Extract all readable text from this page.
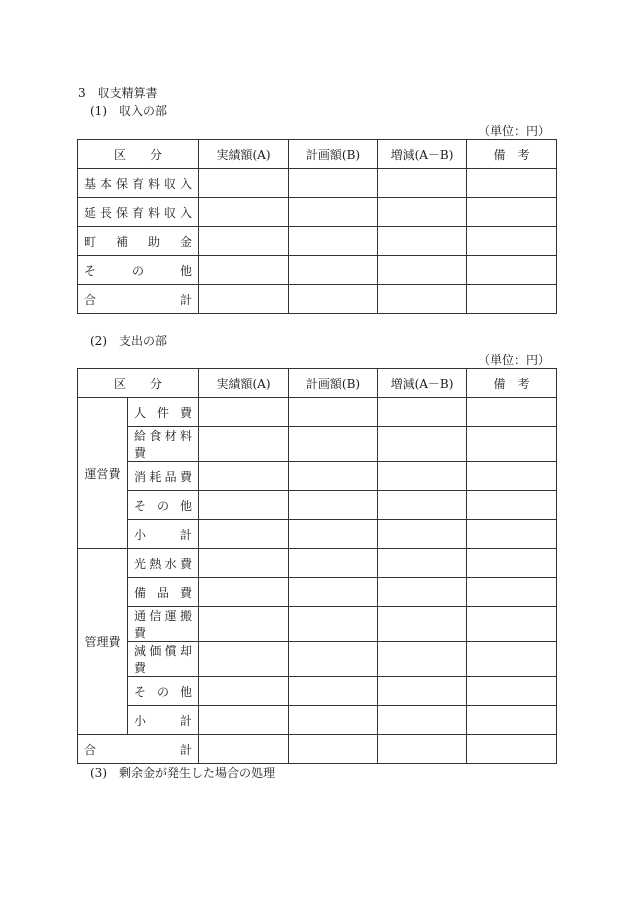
3　収支精算書
(1)　収入の部
（単位：円）
区　　分	実績額(A)	計画額(B)	増減(A－B)	備　考
基本保育料収入				
延長保育料収入				
町補助金				
その他				
合計				
(2)　支出の部
（単位：円）
区　　分		実績額(A)	計画額(B)	増減(A－B)	備　考
運営費	人件費				
	給食材料費				
	消耗品費				
	その他				
	小計				
管理費	光熱水費				
	備品費				
	通信運搬費				
	減価償却費				
	その他				
	小計				
合計					
(3)　剰余金が発生した場合の処理
